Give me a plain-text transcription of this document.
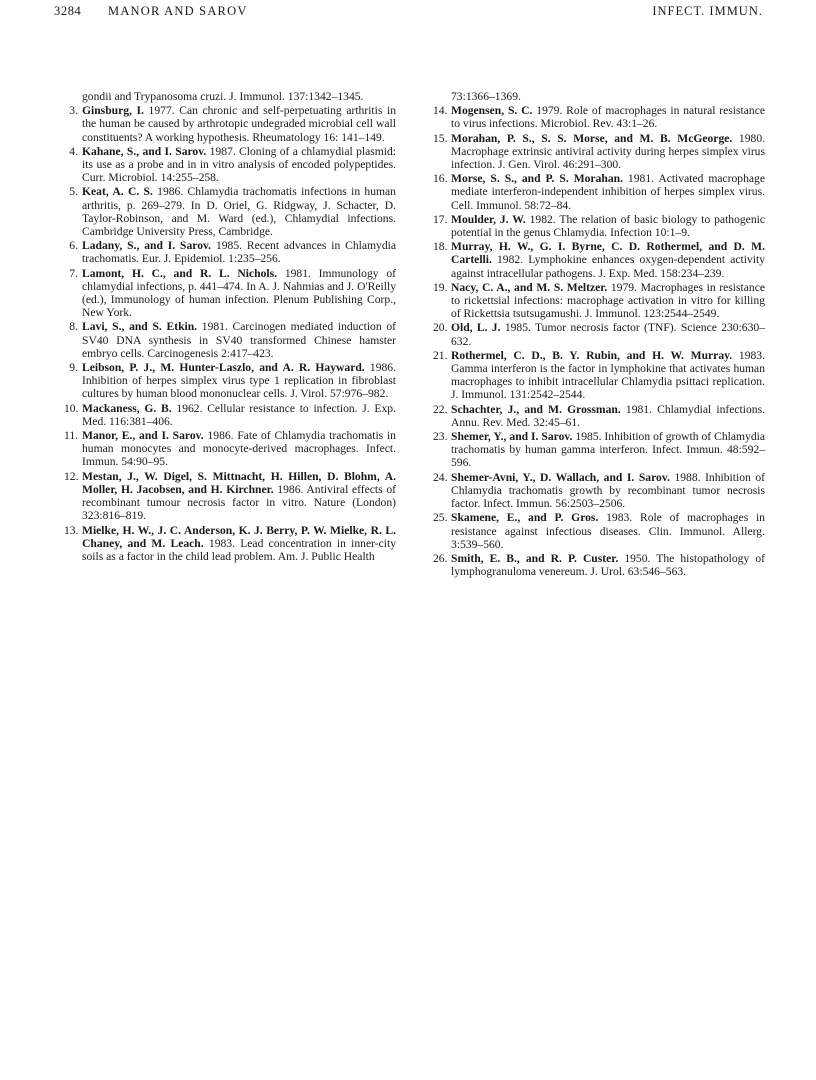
3284 MANOR AND SAROV	INFECT. IMMUN.

gondii and Trypanosoma cruzi. J. Immunol. 137:1342–1345.

3. Ginsburg, I. 1977. Can chronic and self-perpetuating arthritis in the human be caused by arthrotopic undegraded microbial cell wall constituents? A working hypothesis. Rheumatology 16: 141–149.

4. Kahane, S., and I. Sarov. 1987. Cloning of a chlamydial plasmid: its use as a probe and in in vitro analysis of encoded polypeptides. Curr. Microbiol. 14:255–258.

5. Keat, A. C. S. 1986. Chlamydia trachomatis infections in human arthritis, p. 269–279. In D. Oriel, G. Ridgway, J. Schacter, D. Taylor-Robinson, and M. Ward (ed.), Chlamydial infections. Cambridge University Press, Cambridge.

6. Ladany, S., and I. Sarov. 1985. Recent advances in Chlamydia trachomatis. Eur. J. Epidemiol. 1:235–256.

7. Lamont, H. C., and R. L. Nichols. 1981. Immunology of chlamydial infections, p. 441–474. In A. J. Nahmias and J. O'Reilly (ed.), Immunology of human infection. Plenum Publishing Corp., New York.

8. Lavi, S., and S. Etkin. 1981. Carcinogen mediated induction of SV40 DNA synthesis in SV40 transformed Chinese hamster embryo cells. Carcinogenesis 2:417–423.

9. Leibson, P. J., M. Hunter-Laszlo, and A. R. Hayward. 1986. Inhibition of herpes simplex virus type 1 replication in fibroblast cultures by human blood mononuclear cells. J. Virol. 57:976–982.

10. Mackaness, G. B. 1962. Cellular resistance to infection. J. Exp. Med. 116:381–406.

11. Manor, E., and I. Sarov. 1986. Fate of Chlamydia trachomatis in human monocytes and monocyte-derived macrophages. Infect. Immun. 54:90–95.

12. Mestan, J., W. Digel, S. Mittnacht, H. Hillen, D. Blohm, A. Moller, H. Jacobsen, and H. Kirchner. 1986. Antiviral effects of recombinant tumour necrosis factor in vitro. Nature (London) 323:816–819.

13. Mielke, H. W., J. C. Anderson, K. J. Berry, P. W. Mielke, R. L. Chaney, and M. Leach. 1983. Lead concentration in inner-city soils as a factor in the child lead problem. Am. J. Public Health

73:1366–1369.

14. Mogensen, S. C. 1979. Role of macrophages in natural resistance to virus infections. Microbiol. Rev. 43:1–26.

15. Morahan, P. S., S. S. Morse, and M. B. McGeorge. 1980. Macrophage extrinsic antiviral activity during herpes simplex virus infection. J. Gen. Virol. 46:291–300.

16. Morse, S. S., and P. S. Morahan. 1981. Activated macrophage mediate interferon-independent inhibition of herpes simplex virus. Cell. Immunol. 58:72–84.

17. Moulder, J. W. 1982. The relation of basic biology to pathogenic potential in the genus Chlamydia. Infection 10:1–9.

18. Murray, H. W., G. I. Byrne, C. D. Rothermel, and D. M. Cartelli. 1982. Lymphokine enhances oxygen-dependent activity against intracellular pathogens. J. Exp. Med. 158:234–239.

19. Nacy, C. A., and M. S. Meltzer. 1979. Macrophages in resistance to rickettsial infections: macrophage activation in vitro for killing of Rickettsia tsutsugamushi. J. Immunol. 123:2544–2549.

20. Old, L. J. 1985. Tumor necrosis factor (TNF). Science 230:630–632.

21. Rothermel, C. D., B. Y. Rubin, and H. W. Murray. 1983. Gamma interferon is the factor in lymphokine that activates human macrophages to inhibit intracellular Chlamydia psittaci replication. J. Immunol. 131:2542–2544.

22. Schachter, J., and M. Grossman. 1981. Chlamydial infections. Annu. Rev. Med. 32:45–61.

23. Shemer, Y., and I. Sarov. 1985. Inhibition of growth of Chlamydia trachomatis by human gamma interferon. Infect. Immun. 48:592–596.

24. Shemer-Avni, Y., D. Wallach, and I. Sarov. 1988. Inhibition of Chlamydia trachomatis growth by recombinant tumor necrosis factor. Infect. Immun. 56:2503–2506.

25. Skamene, E., and P. Gros. 1983. Role of macrophages in resistance against infectious diseases. Clin. Immunol. Allerg. 3:539–560.

26. Smith, E. B., and R. P. Custer. 1950. The histopathology of lymphogranuloma venereum. J. Urol. 63:546–563.
